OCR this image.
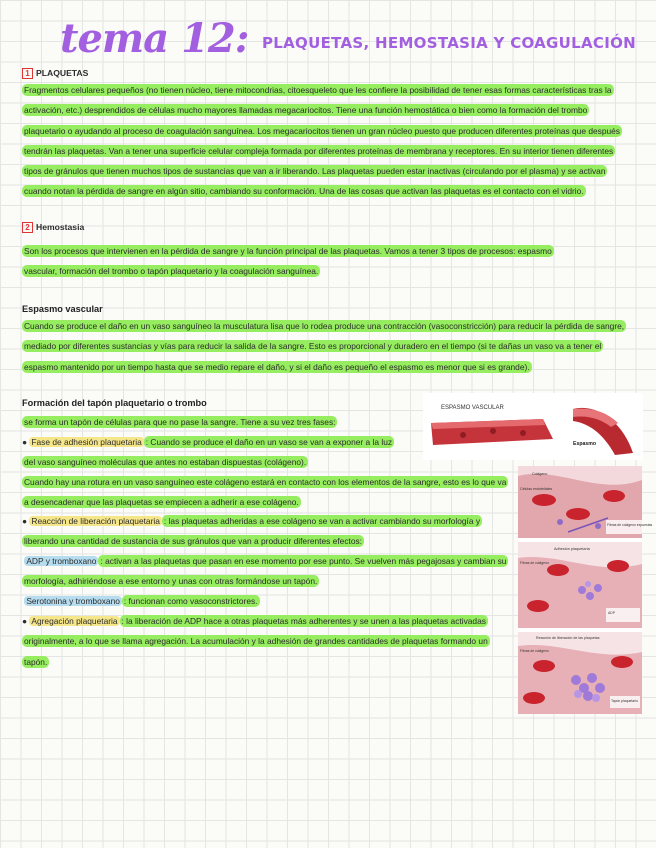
tema 12: PLAQUETAS, HEMOSTASIA Y COAGULACIÓN
1 PLAQUETAS

Fragmentos celulares pequeños (no tienen núcleo, tiene mitocondrias, citoesqueleto que les confiere la posibilidad de tener esas formas características tras la activación, etc.) desprendidos de células mucho mayores llamadas megacariocitos. Tiene una función hemostática o bien como la formación del trombo plaquetario o ayudando al proceso de coagulación sanguínea. Los megacariocitos tienen un gran núcleo puesto que producen diferentes proteínas que después tendrán las plaquetas. Van a tener una superficie celular compleja formada por diferentes proteínas de membrana y receptores. En su interior tienen diferentes tipos de gránulos que tienen muchos tipos de sustancias que van a ir liberando. Las plaquetas pueden estar inactivas (circulando por el plasma) y se activan cuando notan la pérdida de sangre en algún sitio, cambiando su conformación. Una de las cosas que activan las plaquetas es el contacto con el vidrio.

2 Hemostasia

Son los procesos que intervienen en la pérdida de sangre y la función principal de las plaquetas. Vamos a tener 3 tipos de procesos: espasmo vascular, formación del trombo o tapón plaquetario y la coagulación sanguínea.

Espasmo vascular

Cuando se produce el daño en un vaso sanguíneo la musculatura lisa que lo rodea produce una contracción (vasoconstricción) para reducir la pérdida de sangre, mediado por diferentes sustancias y vías para reducir la salida de la sangre. Esto es proporcional y duradero en el tiempo (si te dañas un vaso va a tener el espasmo mantenido por un tiempo hasta que se medio repare el daño, y si el daño es pequeño el espasmo es menor que si es grande).

Formación del tapón plaquetario o trombo

se forma un tapón de células para que no pase la sangre. Tiene a su vez tres fases:

● Fase de adhesión plaquetaria : Cuando se produce el daño en un vaso se van a exponer a la luz del vaso sanguíneo moléculas que antes no estaban dispuestas (colágeno).

Cuando hay una rotura en un vaso sanguíneo este colágeno estará en contacto con los elementos de la sangre, esto es lo que va a desencadenar que las plaquetas se empiecen a adherir a ese colágeno.

● Reacción de liberación plaquetaria : las plaquetas adheridas a ese colágeno se van a activar cambiando su morfología y liberando una cantidad de sustancia de sus gránulos que van a producir diferentes efectos:

ADP y tromboxano : activan a las plaquetas que pasan en ese momento por ese punto. Se vuelven más pegajosas y cambian su morfología, adhiriéndose a ese entorno y unas con otras formándose un tapón.

Serotonina y tromboxano : funcionan como vasoconstrictores.

● Agregación plaquetaria : la liberación de ADP hace a otras plaquetas más adherentes y se unen a las plaquetas activadas originalmente, a lo que se llama agregación. La acumulación y la adhesión de grandes cantidades de plaquetas formando un tapón.

ESPASMO VASCULAR
Espasmo
Colágeno
Células endoteliales
Fibras de colágeno expuestas
Adhesión plaquetaria
Fibras de colágeno
ADP
Reacción de liberación de las plaquetas
Fibras de colágeno
Tapón plaquetario
